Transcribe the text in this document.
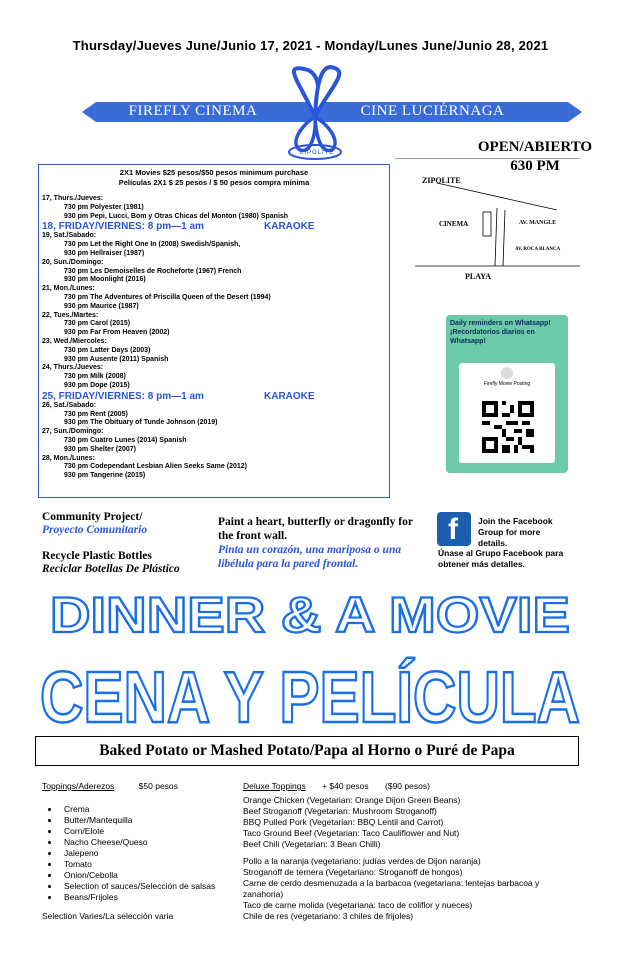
Thursday/Jueves June/Junio 17, 2021 - Monday/Lunes June/Junio 28, 2021
FIREFLY CINEMA	CINE LUCIÉRNAGA
ZIPOLITE	OPEN/ABIERTO
630 PM
2X1 Movies $25 pesos/$50 pesos minimum purchase
Películas 2X1 $ 25 pesos / $ 50 pesos compra mínima
17, Thurs./Jueves:
730 pm Polyester (1981)
930 pm Pepi, Lucci, Bom y Otras Chicas del Monton (1980) Spanish
18, FRIDAY/VIERNES: 8 pm—1 am	KARAOKE
19, Sat./Sabado:
730 pm Let the Right One In (2008) Swedish/Spanish,
930 pm Hellraiser (1987)
20, Sun./Domingo:
730 pm Les Demoiselles de Rocheforte (1967) French
930 pm Moonlight (2016)
21, Mon./Lunes:
730 pm The Adventures of Priscilla Queen of the Desert (1994)
930 pm Maurice (1987)
22, Tues./Martes:
730 pm Carol (2015)
930 pm Far From Heaven (2002)
23, Wed./Miercoles:
730 pm Latter Days (2003)
930 pm Ausente (2011) Spanish
24, Thurs./Jueves:
730 pm Milk (2008)
930 pm Dope (2015)
25, FRIDAY/VIERNES: 8 pm—1 am	KARAOKE
26, Sat./Sabado:
730 pm Rent (2005)
930 pm The Obituary of Tunde Johnson (2019)
27, Sun./Domingo:
730 pm Cuatro Lunes (2014) Spanish
930 pm Shelter (2007)
28, Mon./Lunes:
730 pm Codependant Lesbian Alien Seeks Same (2012)
930 pm Tangerine (2015)
ZIPOLITE
CINEMA	AV. MANGLE
AV. ROCA BLANCA
PLAYA
Daily reminders on Whatsapp! ¡Recordatorios diarios en Whatsapp!
Firefly Movie Posting
Community Project/
Proyecto Comunitario
Recycle Plastic Bottles
Reciclar Botellas De Plástico
Paint a heart, butterfly or dragonfly for the front wall.
Pinta un corazón, una mariposa o una libélula para la pared frontal.
f Join the Facebook Group for more details.
Únase al Grupo Facebook para obtener más detalles.
DINNER & A MOVIE
CENA Y PELÍCULA
Baked Potato or Mashed Potato/Papa al Horno o Puré de Papa
Toppings/Aderezos	$50 pesos
Crema
Butter/Mantequilla
Corn/Elote
Nacho Cheese/Queso
Jalepeno
Tomato
Onion/Cebolla
Selection of sauces/Selección de salsas
Beans/Frijoles
Selection Varies/La selección varia
Deluxe Toppings + $40 pesos ($90 pesos)
Orange Chicken (Vegetarian: Orange Dijon Green Beans)
Beef Stroganoff (Vegetarian: Mushroom Stroganoff)
BBQ Pulled Pork (Vegetarian: BBQ Lentil and Carrot)
Taco Ground Beef (Vegetarian: Taco Cauliflower and Nut)
Beef Chili (Vegetarian: 3 Bean Chilli)
Pollo a la naranja (vegetariano: judías verdes de Dijon naranja)
Stroganoff de ternera (Vegetariano: Stroganoff de hongos)
Carne de cerdo desmenuzada a la barbacoa (vegetariana: lentejas barbacoa y
zanahoria)
Taco de carne molida (vegetariana: taco de coliflor y nueces)
Chile de res (vegetariano: 3 chiles de frijoles)
